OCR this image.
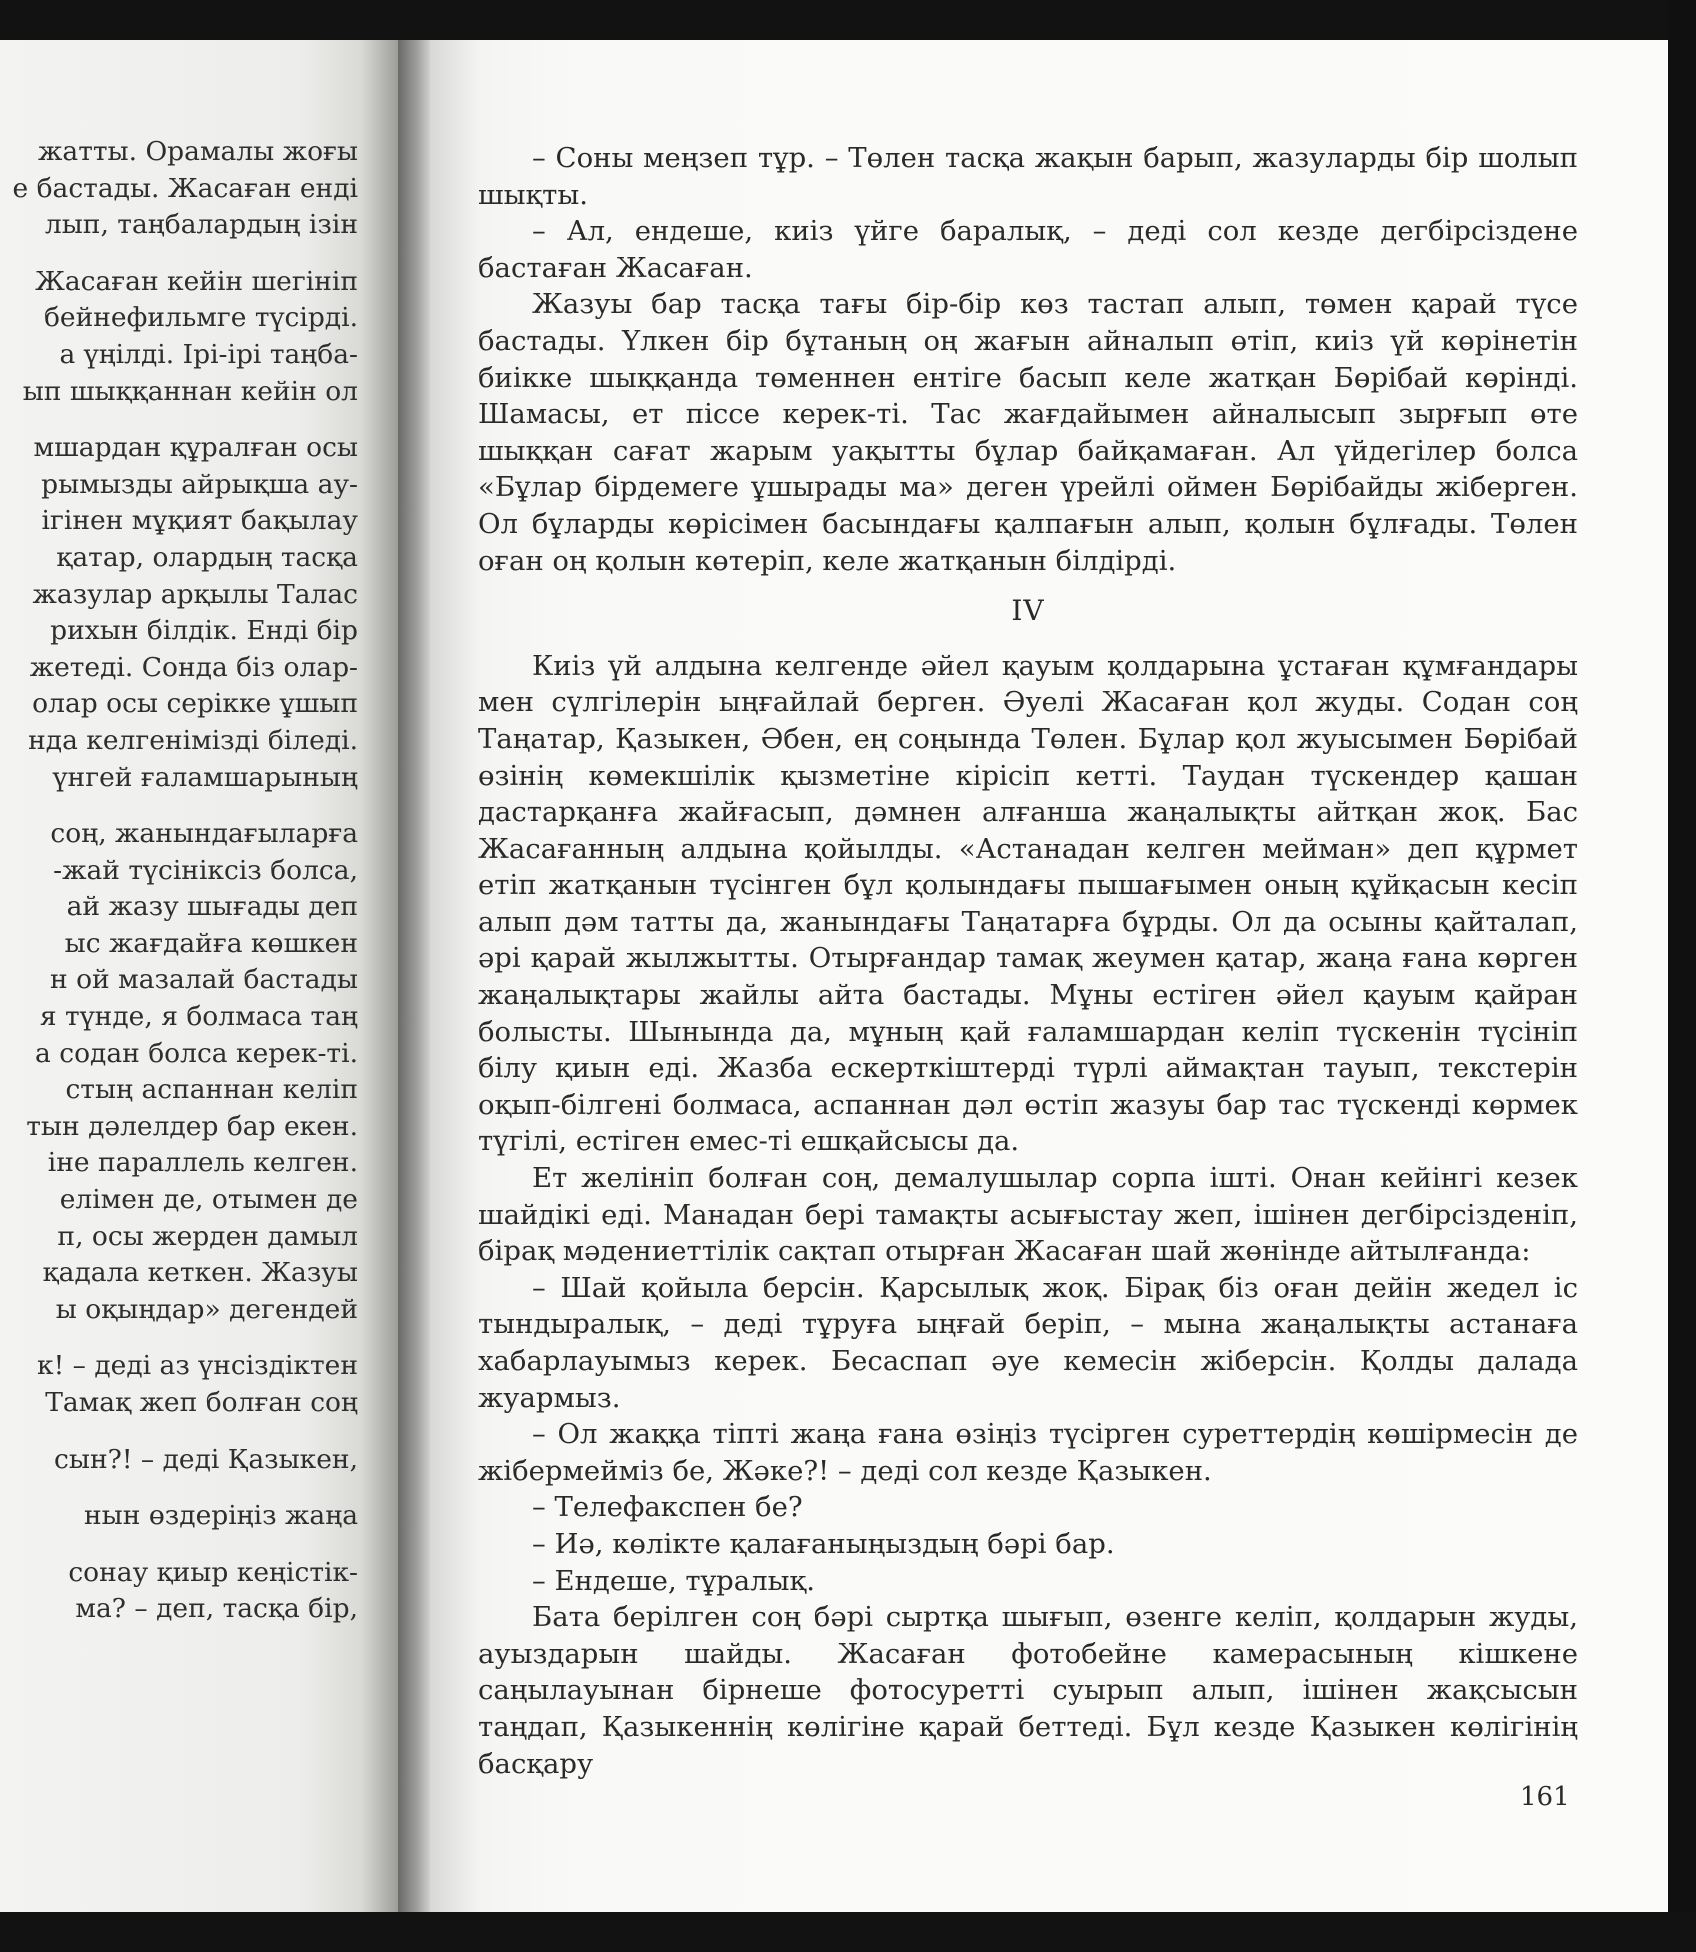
жатты. Орамалы жоғы
е бастады. Жасаған енді
лып, таңбалардың ізін
Жасаған кейін шегініп
бейнефильмге түсірді.
а үңілді. Ірі-ірі таңба-
ып шыққаннан кейін ол
мшардан құралған осы
рымызды айрықша ау-
ігінен мұқият бақылау
қатар, олардың тасқа
жазулар арқылы Талас
рихын білдік. Енді бір
жетеді. Сонда біз олар-
олар осы серікке ұшып
нда келгенімізді біледі.
үнгей ғаламшарының
соң, жанындағыларға
-жай түсініксіз болса,
ай жазу шығады деп
ыс жағдайға көшкен
н ой мазалай бастады
я түнде, я болмаса таң
а содан болса керек-ті.
стың аспаннан келіп
тын дәлелдер бар екен.
іне параллель келген.
елімен де, отымен де
п, осы жерден дамыл
қадала кеткен. Жазуы
ы оқыңдар» дегендей
к! – деді аз үнсіздіктен
Тамақ жеп болған соң
сын?! – деді Қазыкен,
нын өздеріңіз жаңа
сонау қиыр кеңістік-
ма? – деп, тасқа бір,

– Соны меңзеп тұр. – Төлен тасқа жақын барып, жазуларды бір шолып шықты.

– Ал, ендеше, киіз үйге баралық, – деді сол кезде дегбірсіздене бастаған Жасаған.

Жазуы бар тасқа тағы бір-бір көз тастап алып, төмен қарай түсе бастады. Үлкен бір бұтаның оң жағын айналып өтіп, киіз үй көрінетін биікке шыққанда төменнен ентіге басып келе жатқан Бөрібай көрінді. Шамасы, ет піссе керек-ті. Тас жағдайымен айналысып зырғып өте шыққан сағат жарым уақытты бұлар байқамаған. Ал үйдегілер болса «Бұлар бірдемеге ұшырады ма» деген үрейлі оймен Бөрібайды жіберген. Ол бұларды көрісімен басындағы қалпағын алып, қолын бұлғады. Төлен оған оң қолын көтеріп, келе жатқанын білдірді.

IV

Киіз үй алдына келгенде әйел қауым қолдарына ұстаған құмғандары мен сүлгілерін ыңғайлай берген. Әуелі Жасаған қол жуды. Содан соң Таңатар, Қазыкен, Әбен, ең соңында Төлен. Бұлар қол жуысымен Бөрібай өзінің көмекшілік қызметіне кірісіп кетті. Таудан түскендер қашан дастарқанға жайғасып, дәмнен алғанша жаңалықты айтқан жоқ. Бас Жасағанның алдына қойылды. «Астанадан келген мейман» деп құрмет етіп жатқанын түсінген бұл қолындағы пышағымен оның құйқасын кесіп алып дәм татты да, жанындағы Таңатарға бұрды. Ол да осыны қайталап, әрі қарай жылжытты. Отырғандар тамақ жеумен қатар, жаңа ғана көрген жаңалықтары жайлы айта бастады. Мұны естіген әйел қауым қайран болысты. Шынында да, мұның қай ғаламшардан келіп түскенін түсініп білу қиын еді. Жазба ескерткіштерді түрлі аймақтан тауып, текстерін оқып-білгені болмаса, аспаннан дәл өстіп жазуы бар тас түскенді көрмек түгілі, естіген емес-ті ешқайсысы да.

Ет желініп болған соң, демалушылар сорпа ішті. Онан кейінгі кезек шайдікі еді. Манадан бері тамақты асығыстау жеп, ішінен дегбірсізденіп, бірақ мәдениеттілік сақтап отырған Жасаған шай жөнінде айтылғанда:

– Шай қойыла берсін. Қарсылық жоқ. Бірақ біз оған дейін жедел іс тындыралық, – деді тұруға ыңғай беріп, – мына жаңалықты астанаға хабарлауымыз керек. Бесаспап әуе кемесін жіберсін. Қолды далада жуармыз.

– Ол жаққа тіпті жаңа ғана өзіңіз түсірген суреттердің көшірмесін де жібермейміз бе, Жәке?! – деді сол кезде Қазыкен.

– Телефакспен бе?

– Иә, көлікте қалағаныңыздың бәрі бар.

– Ендеше, тұралық.

Бата берілген соң бәрі сыртқа шығып, өзенге келіп, қолдарын жуды, ауыздарын шайды. Жасаған фотобейне камерасының кішкене саңылауынан бірнеше фотосуретті суырып алып, ішінен жақсысын таңдап, Қазыкеннің көлігіне қарай беттеді. Бұл кезде Қазыкен көлігінің басқару

161
